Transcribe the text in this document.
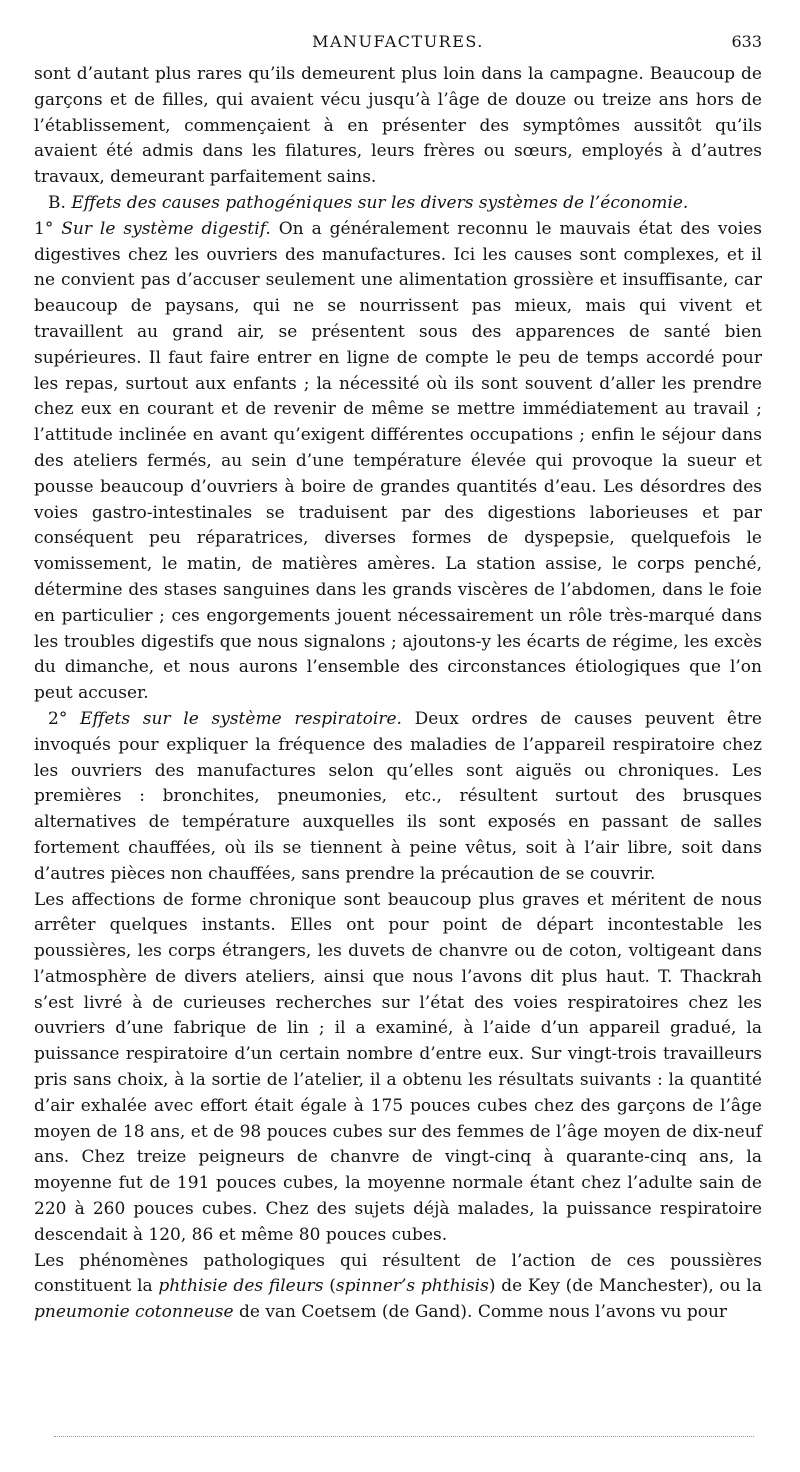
MANUFACTURES.	633

sont d’autant plus rares qu’ils demeurent plus loin dans la campagne. Beaucoup de garçons et de filles, qui avaient vécu jusqu’à l’âge de douze ou treize ans hors de l’établissement, commençaient à en présenter des symptômes aussitôt qu’ils avaient été admis dans les filatures, leurs frères ou sœurs, employés à d’autres travaux, demeurant parfaitement sains.

B. Effets des causes pathogéniques sur les divers systèmes de l’économie.

1° Sur le système digestif. On a généralement reconnu le mauvais état des voies digestives chez les ouvriers des manufactures. Ici les causes sont complexes, et il ne convient pas d’accuser seulement une alimentation grossière et insuffisante, car beaucoup de paysans, qui ne se nourrissent pas mieux, mais qui vivent et travaillent au grand air, se présentent sous des apparences de santé bien supérieures. Il faut faire entrer en ligne de compte le peu de temps accordé pour les repas, surtout aux enfants ; la nécessité où ils sont souvent d’aller les prendre chez eux en courant et de revenir de même se mettre immédiatement au travail ; l’attitude inclinée en avant qu’exigent différentes occupations ; enfin le séjour dans des ateliers fermés, au sein d’une température élevée qui provoque la sueur et pousse beaucoup d’ouvriers à boire de grandes quantités d’eau. Les désordres des voies gastro-intestinales se traduisent par des digestions laborieuses et par conséquent peu réparatrices, diverses formes de dyspepsie, quelquefois le vomissement, le matin, de matières amères. La station assise, le corps penché, détermine des stases sanguines dans les grands viscères de l’abdomen, dans le foie en particulier ; ces engorgements jouent nécessairement un rôle très-marqué dans les troubles digestifs que nous signalons ; ajoutons-y les écarts de régime, les excès du dimanche, et nous aurons l’ensemble des circonstances étiologiques que l’on peut accuser.

2° Effets sur le système respiratoire. Deux ordres de causes peuvent être invoqués pour expliquer la fréquence des maladies de l’appareil respiratoire chez les ouvriers des manufactures selon qu’elles sont aiguës ou chroniques. Les premières : bronchites, pneumonies, etc., résultent surtout des brusques alternatives de température auxquelles ils sont exposés en passant de salles fortement chauffées, où ils se tiennent à peine vêtus, soit à l’air libre, soit dans d’autres pièces non chauffées, sans prendre la précaution de se couvrir.

Les affections de forme chronique sont beaucoup plus graves et méritent de nous arrêter quelques instants. Elles ont pour point de départ incontestable les poussières, les corps étrangers, les duvets de chanvre ou de coton, voltigeant dans l’atmosphère de divers ateliers, ainsi que nous l’avons dit plus haut. T. Thackrah s’est livré à de curieuses recherches sur l’état des voies respiratoires chez les ouvriers d’une fabrique de lin ; il a examiné, à l’aide d’un appareil gradué, la puissance respiratoire d’un certain nombre d’entre eux. Sur vingt-trois travailleurs pris sans choix, à la sortie de l’atelier, il a obtenu les résultats suivants : la quantité d’air exhalée avec effort était égale à 175 pouces cubes chez des garçons de l’âge moyen de 18 ans, et de 98 pouces cubes sur des femmes de l’âge moyen de dix-neuf ans. Chez treize peigneurs de chanvre de vingt-cinq à quarante-cinq ans, la moyenne fut de 191 pouces cubes, la moyenne normale étant chez l’adulte sain de 220 à 260 pouces cubes. Chez des sujets déjà malades, la puissance respiratoire descendait à 120, 86 et même 80 pouces cubes.

Les phénomènes pathologiques qui résultent de l’action de ces poussières constituent la phthisie des fileurs (spinner’s phthisis) de Key (de Manchester), ou la pneumonie cotonneuse de van Coetsem (de Gand). Comme nous l’avons vu pour
